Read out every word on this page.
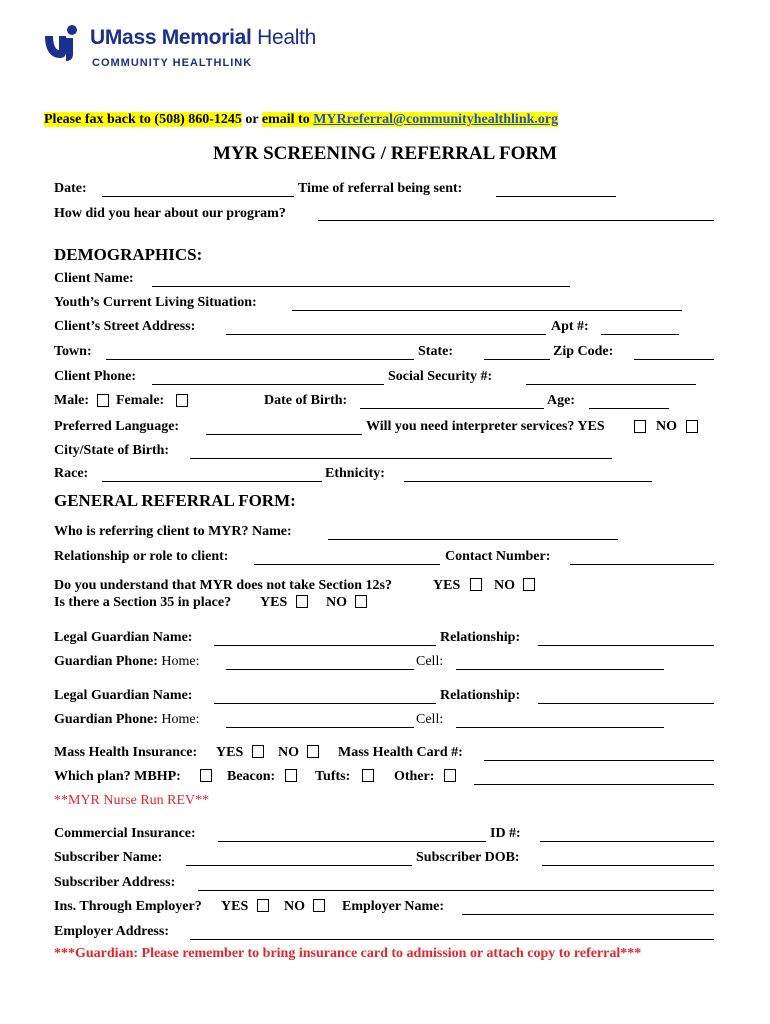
UMass Memorial Health
COMMUNITY HEALTHLINK
Please fax back to (508) 860-1245 or email to MYRreferral@communityhealthlink.org
MYR SCREENING / REFERRAL FORM
Date:	Time of referral being sent:
How did you hear about our program?
DEMOGRAPHICS:
Client Name:
Youth’s Current Living Situation:
Client’s Street Address:	Apt #:
Town:	State:	Zip Code:
Client Phone:	Social Security #:
Male: Female:	Date of Birth:	Age:
Preferred Language:	Will you need interpreter services? YES	NO
City/State of Birth:
Race:	Ethnicity:
GENERAL REFERRAL FORM:
Who is referring client to MYR? Name:
Relationship or role to client:	Contact Number:
Do you understand that MYR does not take Section 12s?	YES NO
Is there a Section 35 in place? YES	NO
Legal Guardian Name:	Relationship:
Guardian Phone: Home:	Cell:
Legal Guardian Name:	Relationship:
Guardian Phone: Home:	Cell:
Mass Health Insurance: YES NO	Mass Health Card #:
Which plan? MBHP:	Beacon:	Tufts:	Other:
**MYR Nurse Run REV**
Commercial Insurance:	ID #:
Subscriber Name:	Subscriber DOB:
Subscriber Address:
Ins. Through Employer? YES	NO	Employer Name:
Employer Address:
***Guardian: Please remember to bring insurance card to admission or attach copy to referral***
